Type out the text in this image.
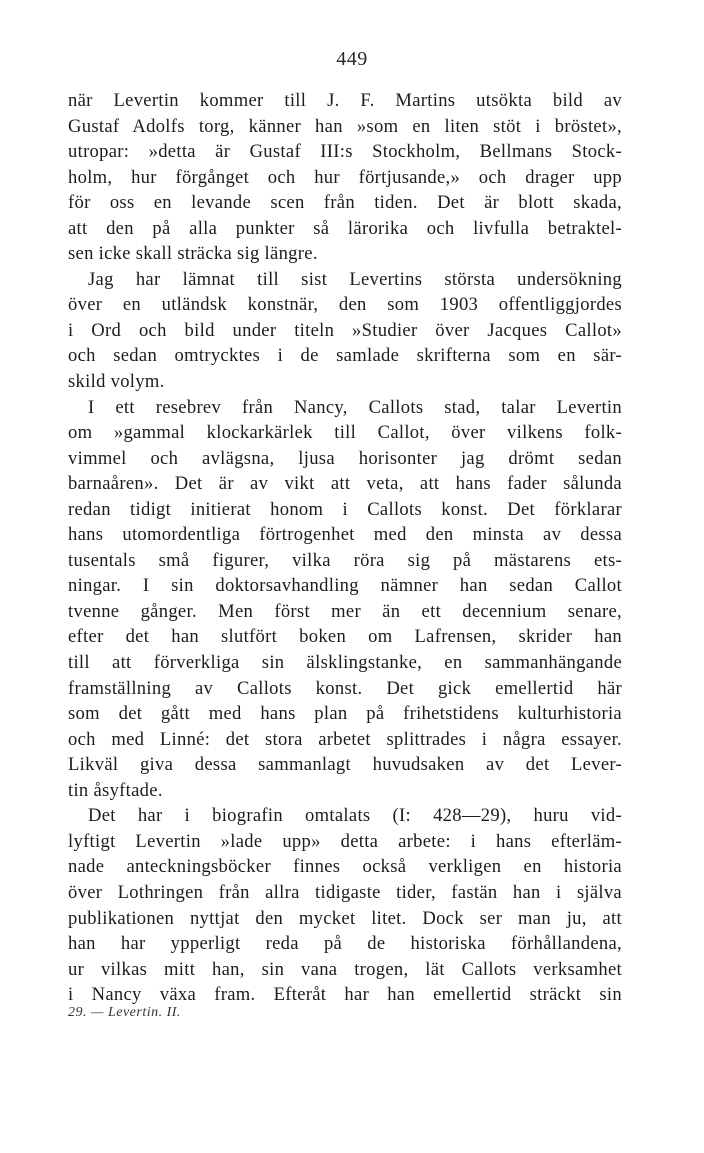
449
när Levertin kommer till J. F. Martins utsökta bild av
Gustaf Adolfs torg, känner han »som en liten stöt i bröstet»,
utropar: »detta är Gustaf III:s Stockholm, Bellmans Stock-
holm, hur förgånget och hur förtjusande,» och drager upp
för oss en levande scen från tiden. Det är blott skada,
att den på alla punkter så lärorika och livfulla betraktel-
sen icke skall sträcka sig längre.
Jag har lämnat till sist Levertins största undersökning
över en utländsk konstnär, den som 1903 offentliggjordes
i Ord och bild under titeln »Studier över Jacques Callot»
och sedan omtrycktes i de samlade skrifterna som en sär-
skild volym.
I ett resebrev från Nancy, Callots stad, talar Levertin
om »gammal klockarkärlek till Callot, över vilkens folk-
vimmel och avlägsna, ljusa horisonter jag drömt sedan
barnaåren». Det är av vikt att veta, att hans fader sålunda
redan tidigt initierat honom i Callots konst. Det förklarar
hans utomordentliga förtrogenhet med den minsta av dessa
tusentals små figurer, vilka röra sig på mästarens ets-
ningar. I sin doktorsavhandling nämner han sedan Callot
tvenne gånger. Men först mer än ett decennium senare,
efter det han slutfört boken om Lafrensen, skrider han
till att förverkliga sin älsklingstanke, en sammanhängande
framställning av Callots konst. Det gick emellertid här
som det gått med hans plan på frihetstidens kulturhistoria
och med Linné: det stora arbetet splittrades i några essayer.
Likväl giva dessa sammanlagt huvudsaken av det Lever-
tin åsyftade.
Det har i biografin omtalats (I: 428—29), huru vid-
lyftigt Levertin »lade upp» detta arbete: i hans efterläm-
nade anteckningsböcker finnes också verkligen en historia
över Lothringen från allra tidigaste tider, fastän han i själva
publikationen nyttjat den mycket litet. Dock ser man ju, att
han har ypperligt reda på de historiska förhållandena,
ur vilkas mitt han, sin vana trogen, lät Callots verksamhet
i Nancy växa fram. Efteråt har han emellertid sträckt sin
29. — Levertin. II.
